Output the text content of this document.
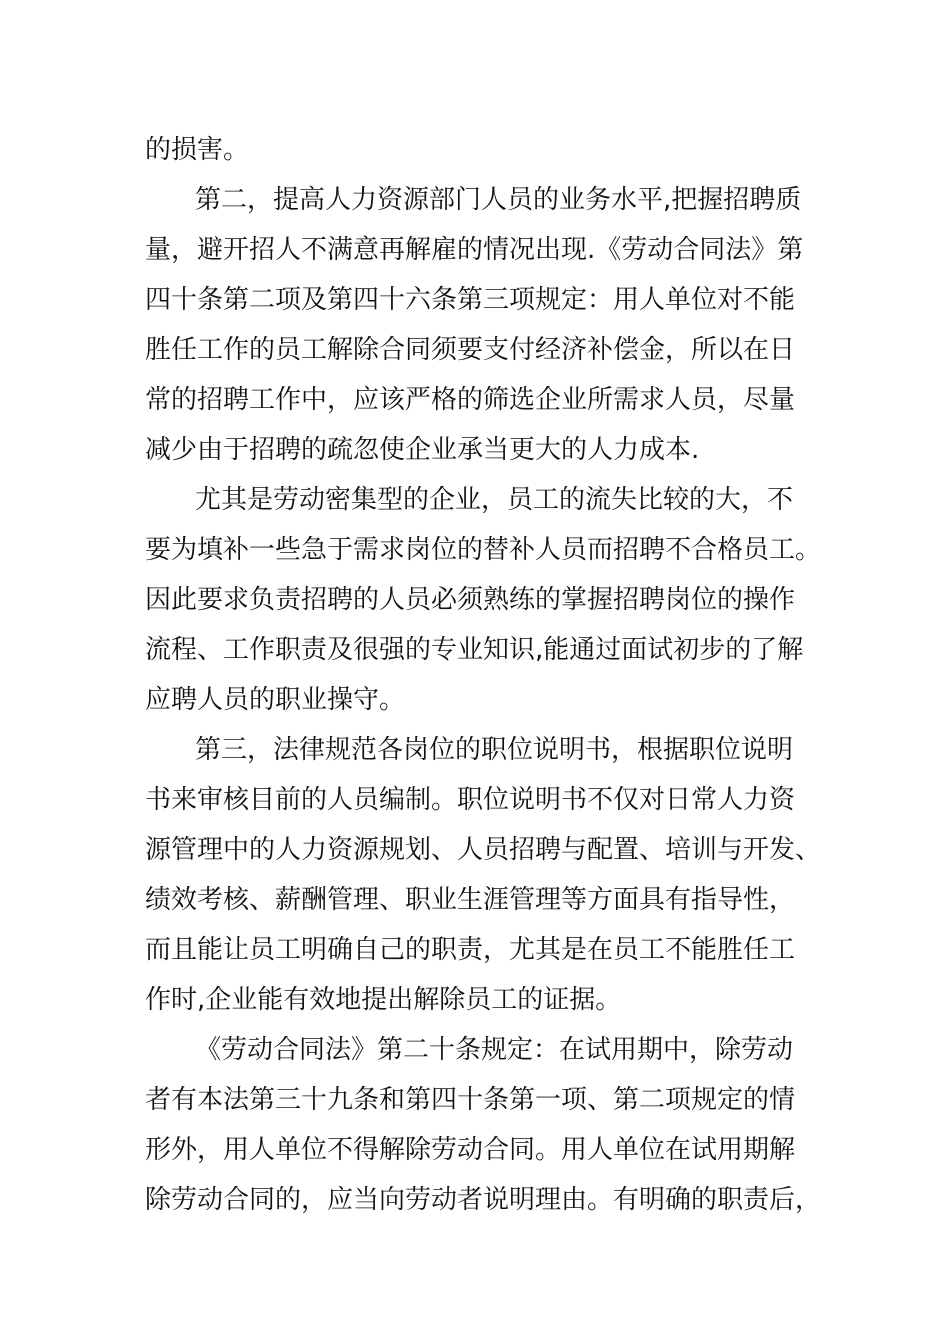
的损害。
第二，提高人力资源部门人员的业务水平,把握招聘质
量，避开招人不满意再解雇的情况出现.《劳动合同法》第
四十条第二项及第四十六条第三项规定：用人单位对不能
胜任工作的员工解除合同须要支付经济补偿金，所以在日
常的招聘工作中，应该严格的筛选企业所需求人员，尽量
减少由于招聘的疏忽使企业承当更大的人力成本.
尤其是劳动密集型的企业，员工的流失比较的大，不
要为填补一些急于需求岗位的替补人员而招聘不合格员工。
因此要求负责招聘的人员必须熟练的掌握招聘岗位的操作
流程、工作职责及很强的专业知识,能通过面试初步的了解
应聘人员的职业操守。
第三，法律规范各岗位的职位说明书，根据职位说明
书来审核目前的人员编制。职位说明书不仅对日常人力资
源管理中的人力资源规划、人员招聘与配置、培训与开发、
绩效考核、薪酬管理、职业生涯管理等方面具有指导性，
而且能让员工明确自己的职责，尤其是在员工不能胜任工
作时,企业能有效地提出解除员工的证据。
《劳动合同法》第二十条规定：在试用期中，除劳动
者有本法第三十九条和第四十条第一项、第二项规定的情
形外，用人单位不得解除劳动合同。用人单位在试用期解
除劳动合同的，应当向劳动者说明理由。有明确的职责后，
